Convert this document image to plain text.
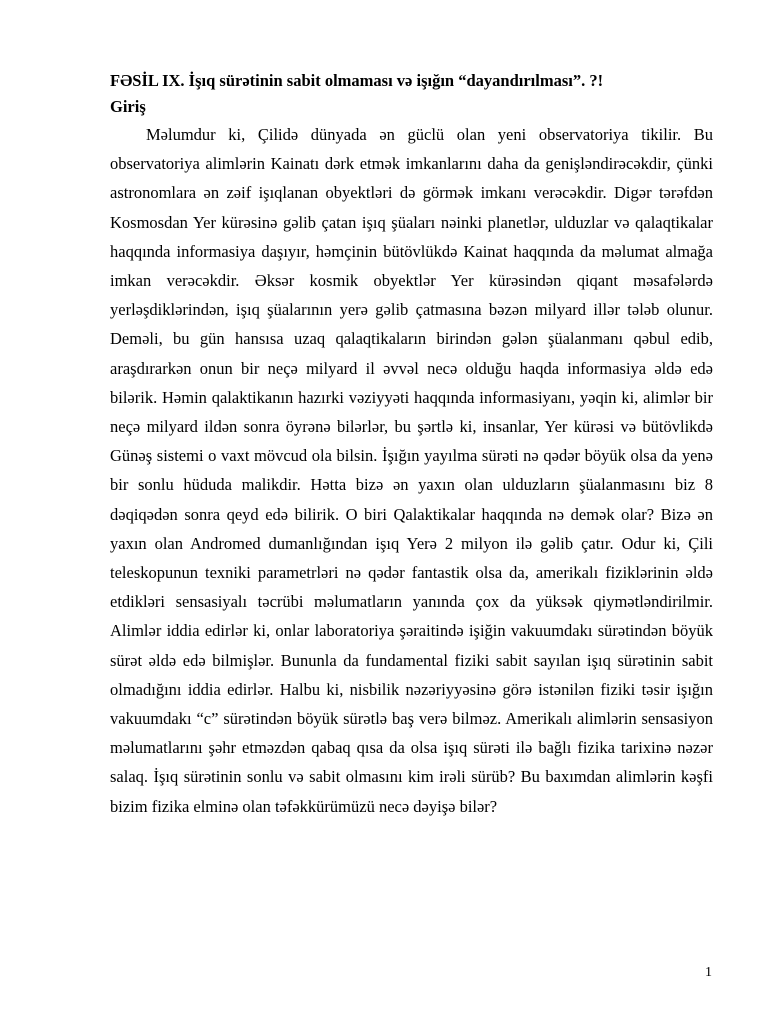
FƏSİL IX. İşıq sürətinin sabit olmaması və işığın “dayandırılması”. ?!
Giriş

Məlumdur ki, Çilidə dünyada ən güclü olan yeni observatoriya tikilir. Bu observatoriya alimlərin Kainatı dərk etmək imkanlarını daha da genişləndirəcəkdir, çünki astronomlara ən zəif işıqlanan obyektləri də görmək imkanı verəcəkdir. Digər tərəfdən Kosmosdan Yer kürəsinə gəlib çatan işıq şüaları nəinki planetlər, ulduzlar və qalaqtikalar haqqında informasiya daşıyır, həmçinin bütövlükdə Kainat haqqında da məlumat almağa imkan verəcəkdir. Əksər kosmik obyektlər Yer kürəsindən qiqant məsafələrdə yerləşdiklərindən, işıq şüalarının yerə gəlib çatmasına bəzən milyard illər tələb olunur. Deməli, bu gün hansısa uzaq qalaqtikaların birindən gələn şüalanmanı qəbul edib, araşdırarkən onun bir neçə milyard il əvvəl necə olduğu haqda informasiya əldə edə bilərik. Həmin qalaktikanın hazırki vəziyyəti haqqında informasiyanı, yəqin ki, alimlər bir neçə milyard ildən sonra öyrənə bilərlər, bu şərtlə ki, insanlar, Yer kürəsi və bütövlikdə Günəş sistemi o vaxt mövcud ola bilsin. İşığın yayılma sürəti nə qədər böyük olsa da yenə bir sonlu hüduda malikdir. Hətta bizə ən yaxın olan ulduzların şüalanmasını biz 8 dəqiqədən sonra qeyd edə bilirik. O biri Qalaktikalar haqqında nə demək olar? Bizə ən yaxın olan Andromed dumanlığından işıq Yerə 2 milyon ilə gəlib çatır. Odur ki, Çili teleskopunun texniki parametrləri nə qədər fantastik olsa da, amerikalı fiziklərinin əldə etdikləri sensasiyalı təcrübi məlumatların yanında çox da yüksək qiymətləndirilmir. Alimlər iddia edirlər ki, onlar laboratoriya şəraitində işiğin vakuumdakı sürətindən böyük sürət əldə edə bilmişlər. Bununla da fundamental fiziki sabit sayılan işıq sürətinin sabit olmadığını iddia edirlər. Halbu ki, nisbilik nəzəriyyəsinə görə istənilən fiziki təsir işığın vakuumdakı “c” sürətindən böyük sürətlə baş verə bilməz. Amerikalı alimlərin sensasiyon məlumatlarını şəhr etməzdən qabaq qısa da olsa işıq sürəti ilə bağlı fizika tarixinə nəzər salaq. İşıq sürətinin sonlu və sabit olmasını kim irəli sürüb? Bu baxımdan alimlərin kəşfi bizim fizika elminə olan təfəkkürümüzü necə dəyişə bilər?

1
